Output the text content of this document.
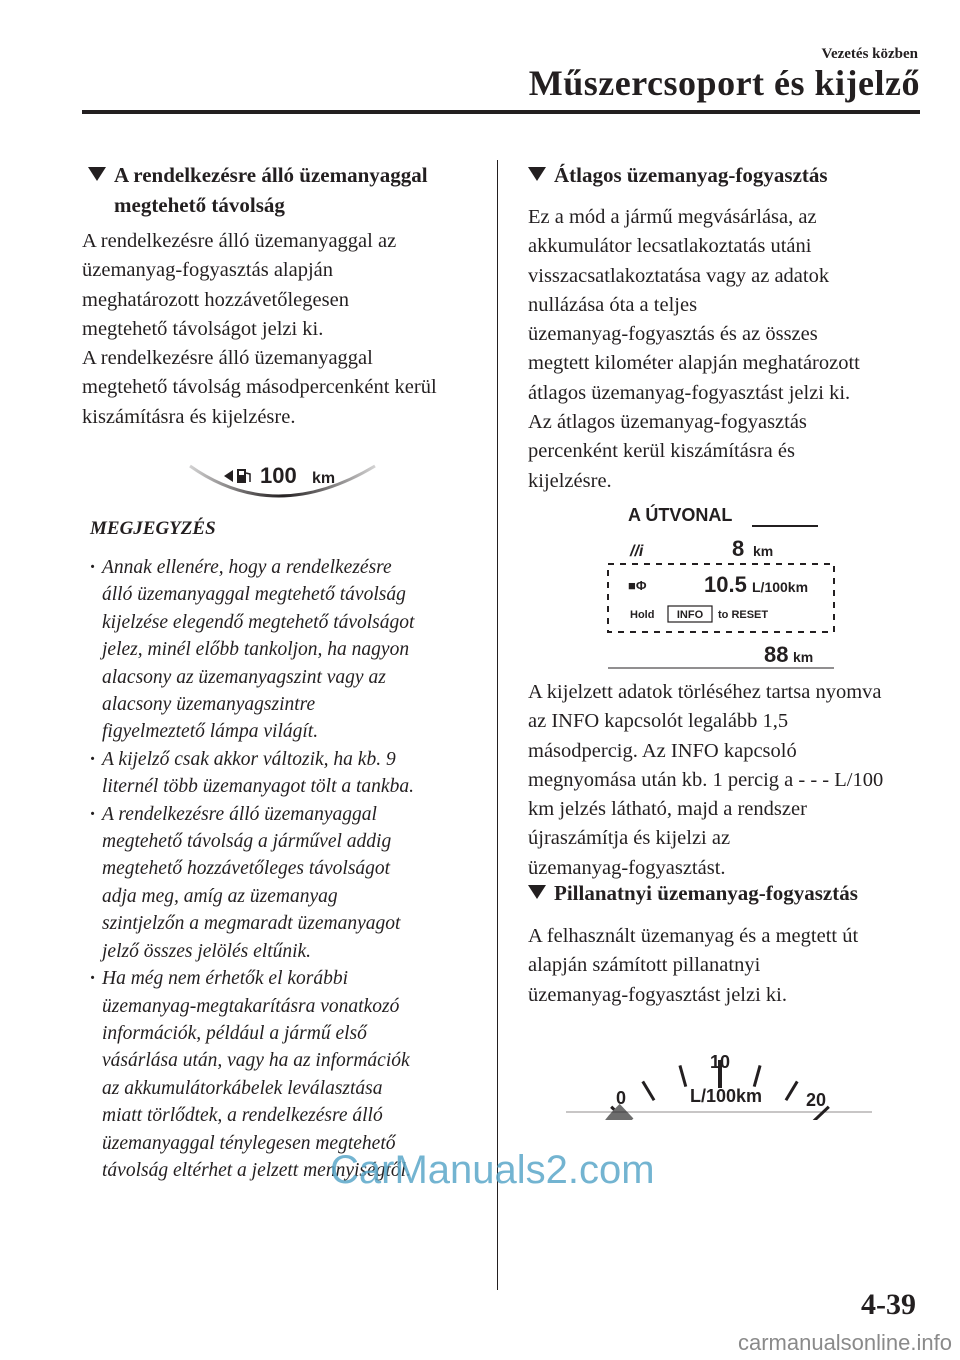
Vezetés közben
Műszercsoport és kijelző
A rendelkezésre álló üzemanyaggal
megtehető távolság

A rendelkezésre álló üzemanyaggal az
üzemanyag-fogyasztás alapján
meghatározott hozzávetőlegesen
megtehető távolságot jelzi ki.
A rendelkezésre álló üzemanyaggal
megtehető távolság másodpercenként kerül
kiszámításra és kijelzésre.

100 km
MEGJEGYZÉS
· Annak ellenére, hogy a rendelkezésre
álló üzemanyaggal megtehető távolság
kijelzése elegendő megtehető távolságot
jelez, minél előbb tankoljon, ha nagyon
alacsony az üzemanyagszint vagy az
alacsony üzemanyagszintre
figyelmeztető lámpa világít.
· A kijelző csak akkor változik, ha kb. 9
liternél több üzemanyagot tölt a tankba.
· A rendelkezésre álló üzemanyaggal
megtehető távolság a járművel addig
megtehető hozzávetőleges távolságot
adja meg, amíg az üzemanyag
szintjelzőn a megmaradt üzemanyagot
jelző összes jelölés eltűnik.
· Ha még nem érhetők el korábbi
üzemanyag-megtakarításra vonatkozó
információk, például a jármű első
vásárlása után, vagy ha az információk
az akkumulátorkábelek leválasztása
miatt törlődtek, a rendelkezésre álló
üzemanyaggal ténylegesen megtehető
távolság eltérhet a jelzett mennyiségtől.
Átlagos üzemanyag-fogyasztás

Ez a mód a jármű megvásárlása, az
akkumulátor lecsatlakoztatás utáni
visszacsatlakoztatása vagy az adatok
nullázása óta a teljes
üzemanyag-fogyasztás és az összes
megtett kilométer alapján meghatározott
átlagos üzemanyag-fogyasztást jelzi ki.
Az átlagos üzemanyag-fogyasztás
percenként kerül kiszámításra és
kijelzésre.

A ÚTVONAL
//i	8 km
■Φ	10.5 L/100km
Hold INFO to RESET
88 km

A kijelzett adatok törléséhez tartsa nyomva
az INFO kapcsolót legalább 1,5
másodpercig. Az INFO kapcsoló
megnyomása után kb. 1 percig a - - - L/100
km jelzés látható, majd a rendszer
újraszámítja és kijelzi az
üzemanyag-fogyasztást.

Pillanatnyi üzemanyag-fogyasztás

A felhasznált üzemanyag és a megtett út
alapján számított pillanatnyi
üzemanyag-fogyasztást jelzi ki.

0
10
20
L/100km
CarManuals2.com
4-39
carmanualsonline.info
